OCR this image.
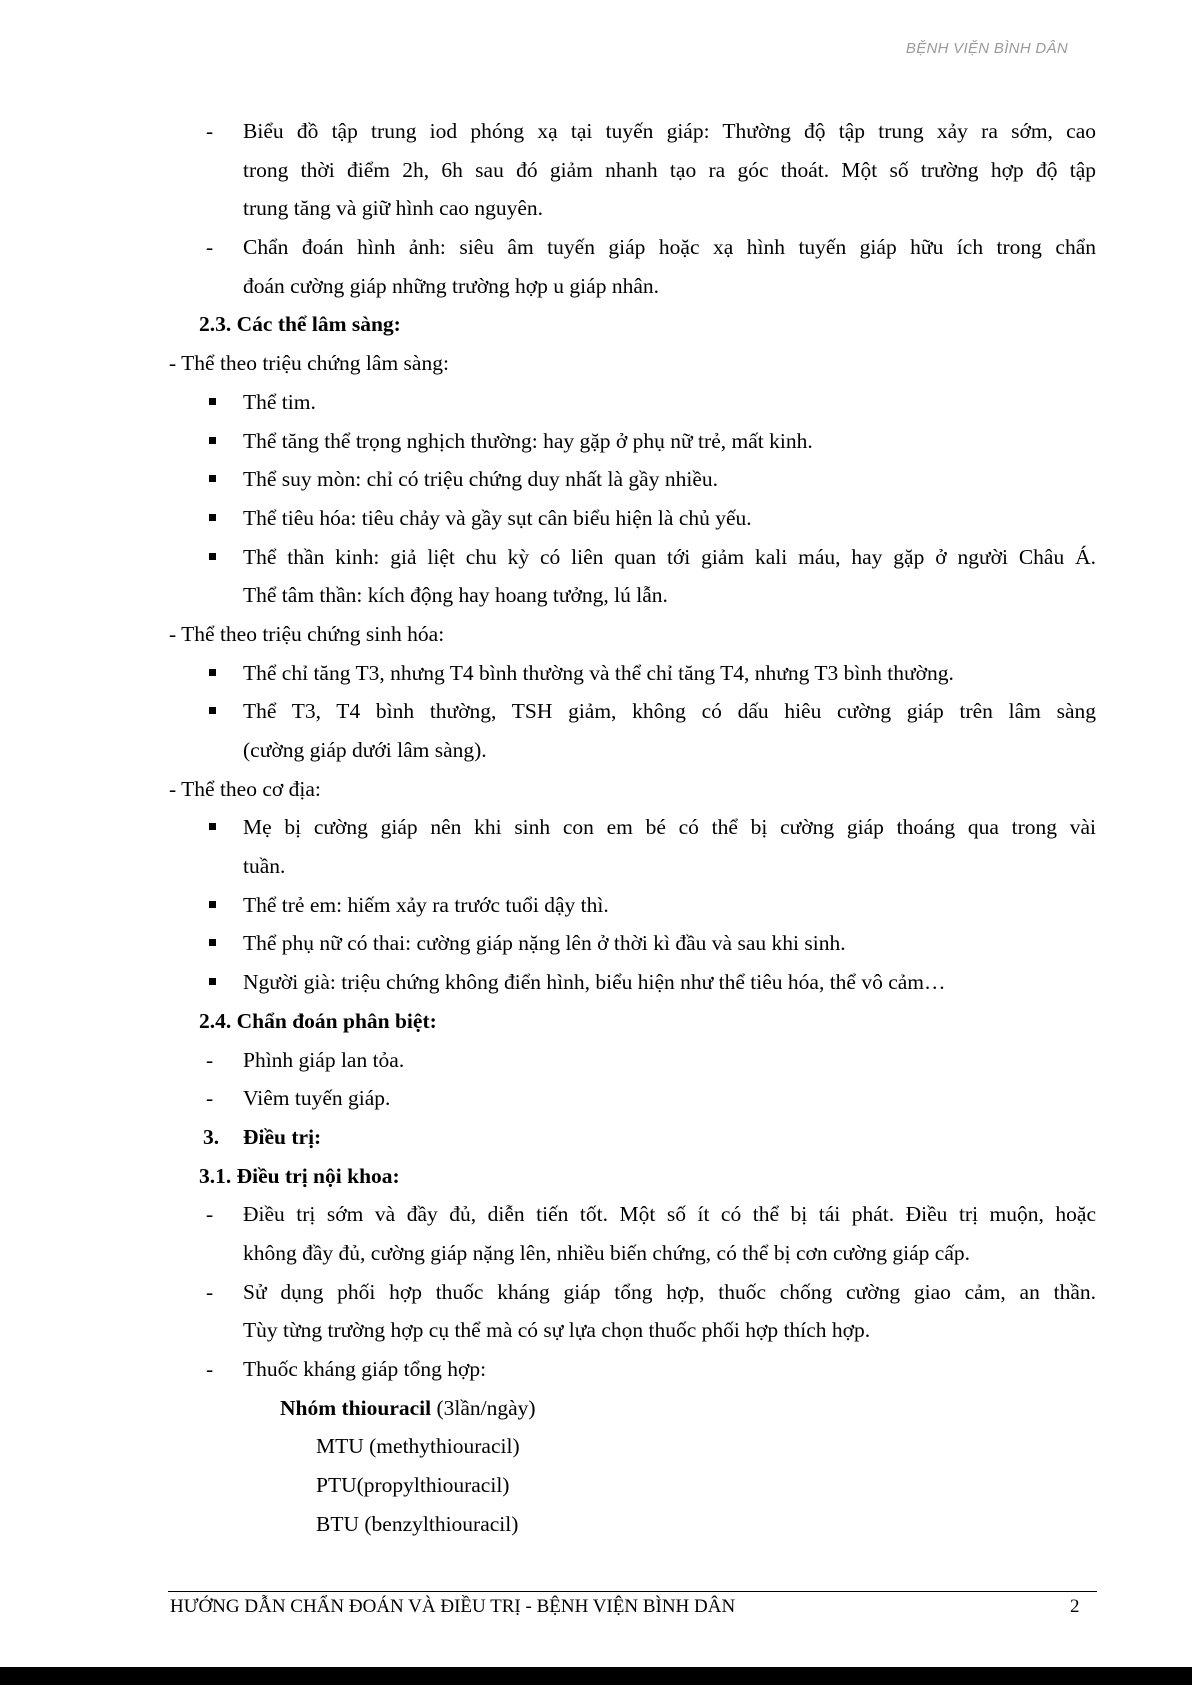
BỆNH VIỆN BÌNH DÂN
- Biểu đồ tập trung iod phóng xạ tại tuyến giáp: Thường độ tập trung xảy ra sớm, cao
trong thời điểm 2h, 6h sau đó giảm nhanh tạo ra góc thoát. Một số trường hợp độ tập
trung tăng và giữ hình cao nguyên.
- Chẩn đoán hình ảnh: siêu âm tuyến giáp hoặc xạ hình tuyến giáp hữu ích trong chẩn
đoán cường giáp những trường hợp u giáp nhân.
2.3. Các thể lâm sàng:
- Thể theo triệu chứng lâm sàng:
Thể tim.
Thể tăng thể trọng nghịch thường: hay gặp ở phụ nữ trẻ, mất kinh.
Thể suy mòn: chỉ có triệu chứng duy nhất là gầy nhiều.
Thể tiêu hóa: tiêu chảy và gầy sụt cân biểu hiện là chủ yếu.
Thể thần kinh: giả liệt chu kỳ có liên quan tới giảm kali máu, hay gặp ở người Châu Á.
Thể tâm thần: kích động hay hoang tưởng, lú lẫn.
- Thể theo triệu chứng sinh hóa:
Thể chỉ tăng T3, nhưng T4 bình thường và thể chỉ tăng T4, nhưng T3 bình thường.
Thể T3, T4 bình thường, TSH giảm, không có dấu hiêu cường giáp trên lâm sàng
(cường giáp dưới lâm sàng).
- Thể theo cơ địa:
Mẹ bị cường giáp nên khi sinh con em bé có thể bị cường giáp thoáng qua trong vài
tuần.
Thể trẻ em: hiếm xảy ra trước tuổi dậy thì.
Thể phụ nữ có thai: cường giáp nặng lên ở thời kì đầu và sau khi sinh.
Người già: triệu chứng không điển hình, biểu hiện như thể tiêu hóa, thể vô cảm…
2.4. Chẩn đoán phân biệt:
- Phình giáp lan tỏa.
- Viêm tuyến giáp.
3. Điều trị:
3.1. Điều trị nội khoa:
- Điều trị sớm và đầy đủ, diễn tiến tốt. Một số ít có thể bị tái phát. Điều trị muộn, hoặc
không đầy đủ, cường giáp nặng lên, nhiều biến chứng, có thể bị cơn cường giáp cấp.
- Sử dụng phối hợp thuốc kháng giáp tổng hợp, thuốc chống cường giao cảm, an thần.
Tùy từng trường hợp cụ thể mà có sự lựa chọn thuốc phối hợp thích hợp.
- Thuốc kháng giáp tổng hợp:
Nhóm thiouracil (3lần/ngày)
MTU (methythiouracil)
PTU(propylthiouracil)
BTU (benzylthiouracil)
HƯỚNG DẪN CHẨN ĐOÁN VÀ ĐIỀU TRỊ - BỆNH VIỆN BÌNH DÂN	2
